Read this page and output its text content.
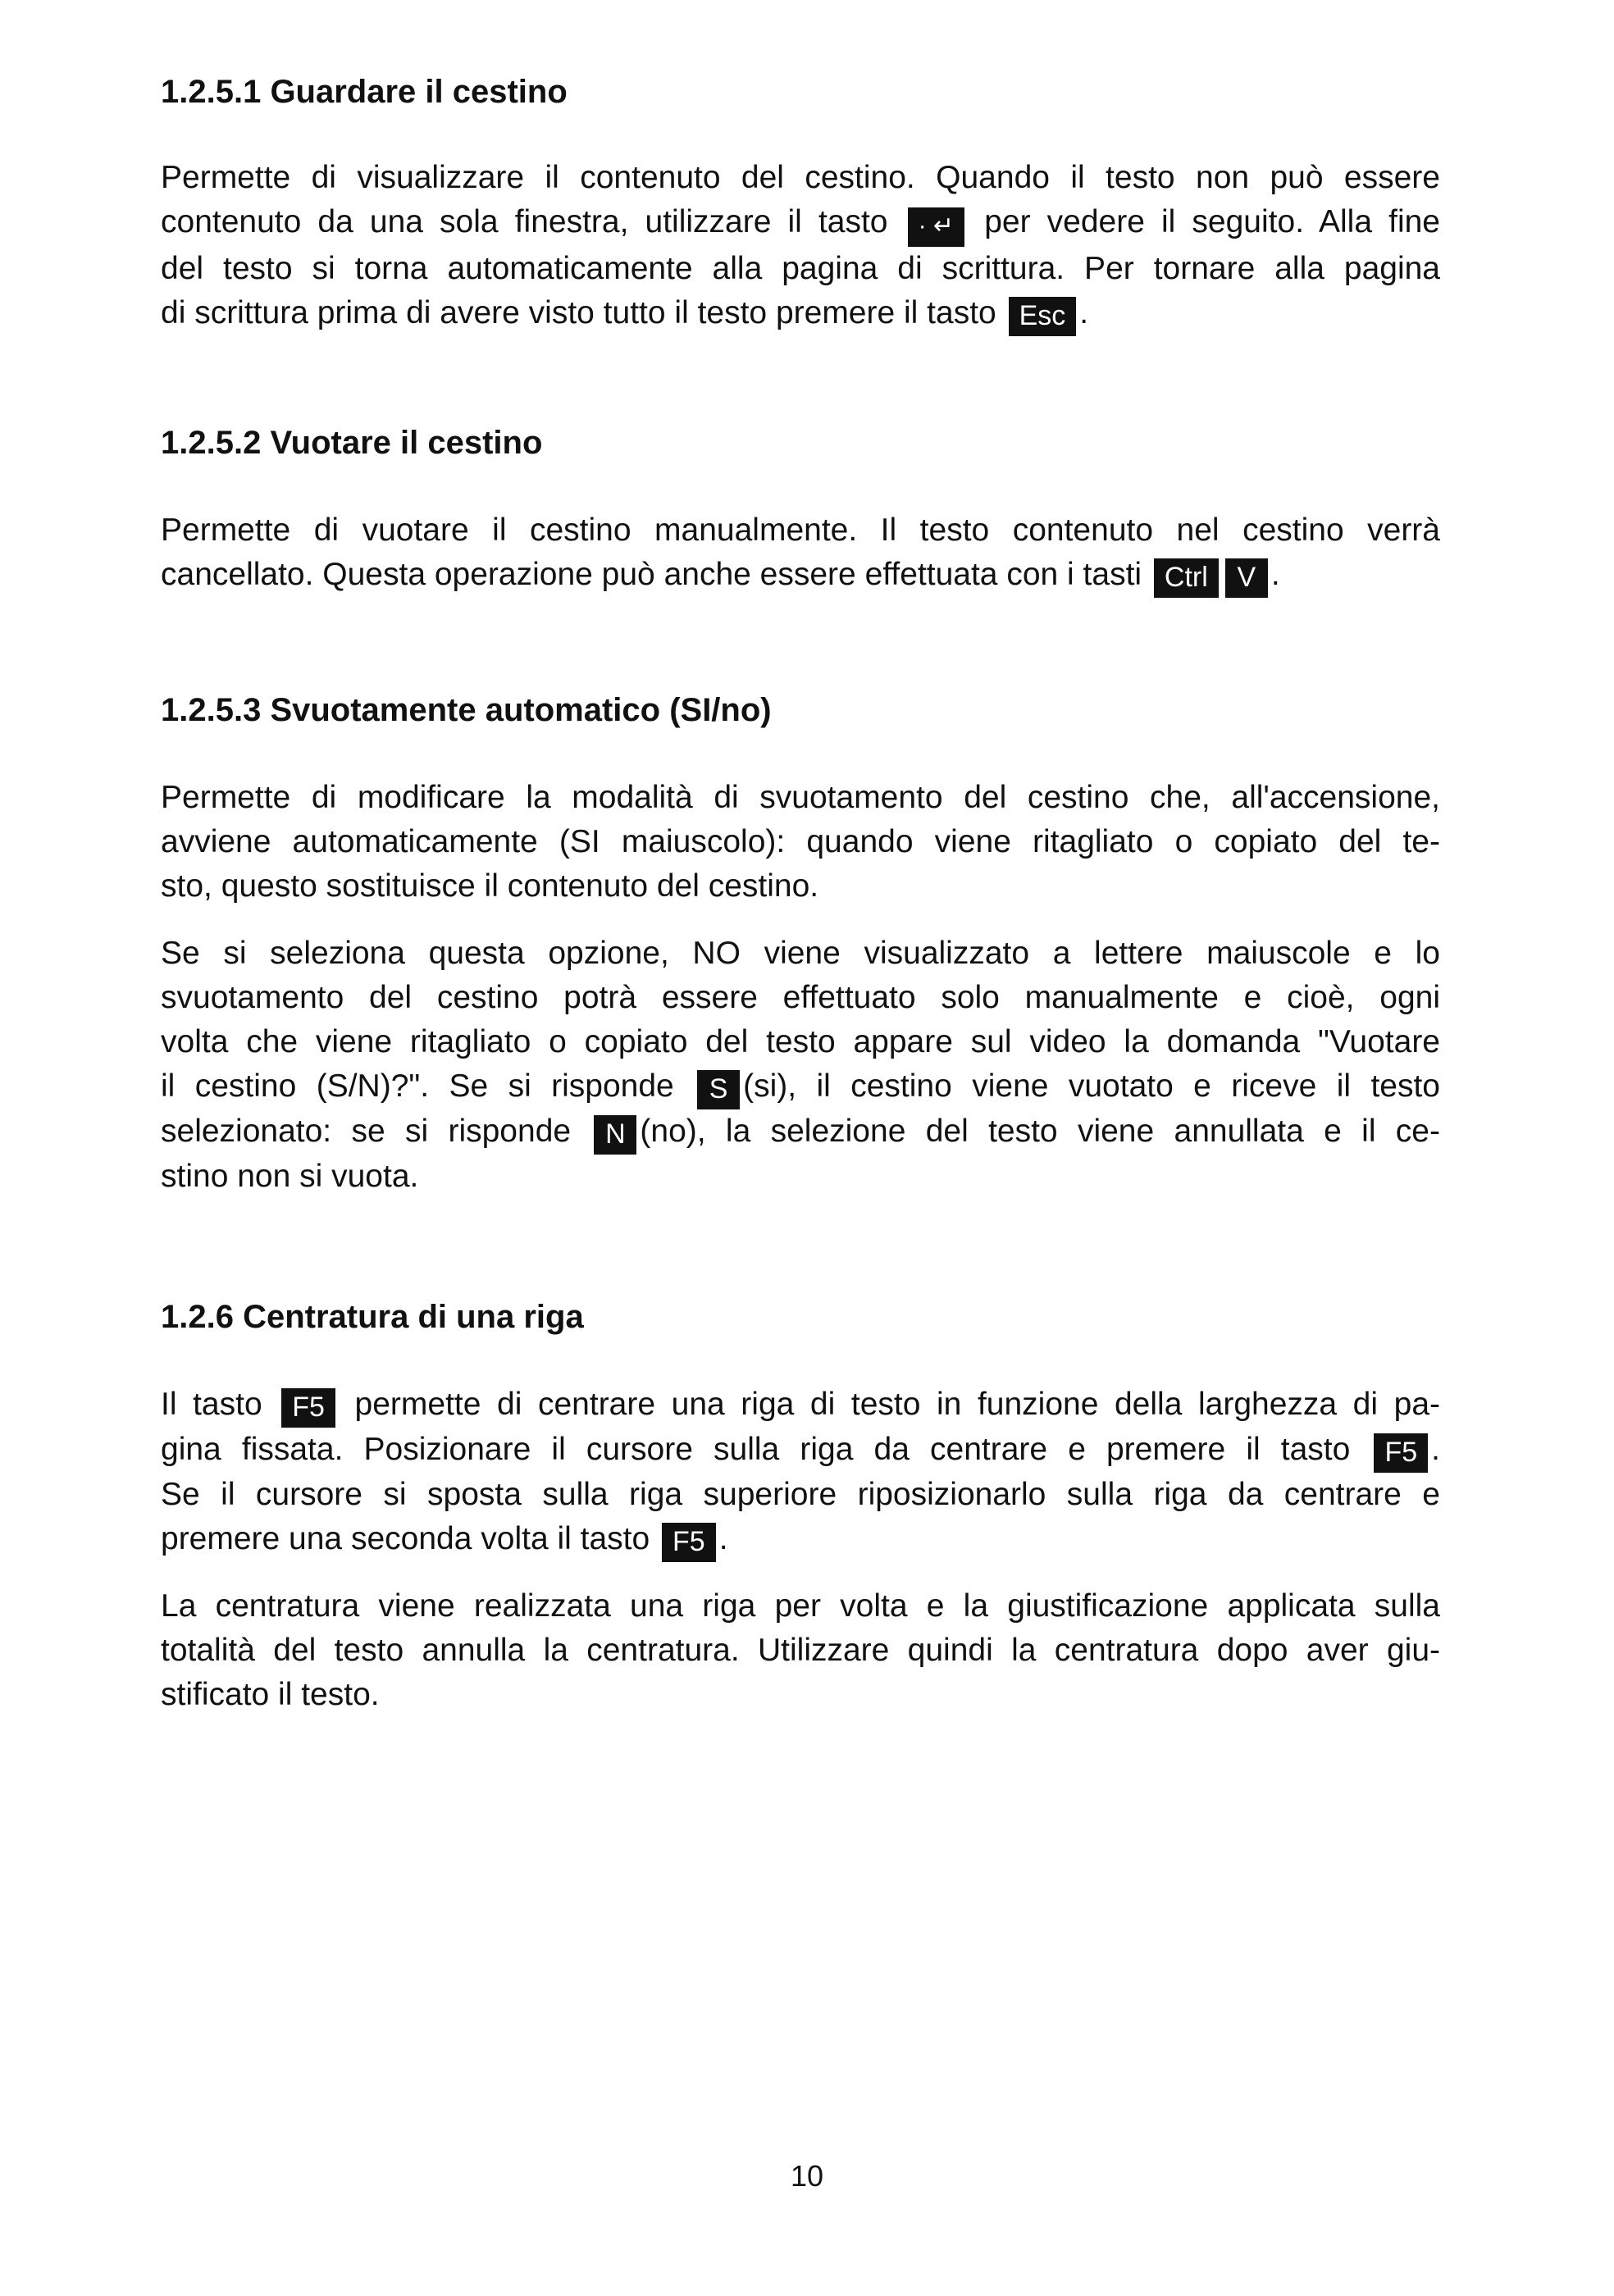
1.2.5.1 Guardare il cestino
Permette di visualizzare il contenuto del cestino. Quando il testo non può essere
contenuto da una sola finestra, utilizzare il tasto · ↵ per vedere il seguito. Alla fine
del testo si torna automaticamente alla pagina di scrittura. Per tornare alla pagina
di scrittura prima di avere visto tutto il testo premere il tasto Esc .
1.2.5.2 Vuotare il cestino
Permette di vuotare il cestino manualmente. Il testo contenuto nel cestino verrà
cancellato. Questa operazione può anche essere effettuata con i tasti Ctrl V .
1.2.5.3 Svuotamente automatico (SI/no)
Permette di modificare la modalità di svuotamento del cestino che, all'accensione,
avviene automaticamente (SI maiuscolo): quando viene ritagliato o copiato del te-
sto, questo sostituisce il contenuto del cestino.
Se si seleziona questa opzione, NO viene visualizzato a lettere maiuscole e lo
svuotamento del cestino potrà essere effettuato solo manualmente e cioè, ogni
volta che viene ritagliato o copiato del testo appare sul video la domanda "Vuotare
il cestino (S/N)?". Se si risponde S (si), il cestino viene vuotato e riceve il testo
selezionato: se si risponde N (no), la selezione del testo viene annullata e il ce-
stino non si vuota.
1.2.6 Centratura di una riga
Il tasto F5 permette di centrare una riga di testo in funzione della larghezza di pa-
gina fissata. Posizionare il cursore sulla riga da centrare e premere il tasto F5 .
Se il cursore si sposta sulla riga superiore riposizionarlo sulla riga da centrare e
premere una seconda volta il tasto F5 .
La centratura viene realizzata una riga per volta e la giustificazione applicata sulla
totalità del testo annulla la centratura. Utilizzare quindi la centratura dopo aver giu-
stificato il testo.
10
